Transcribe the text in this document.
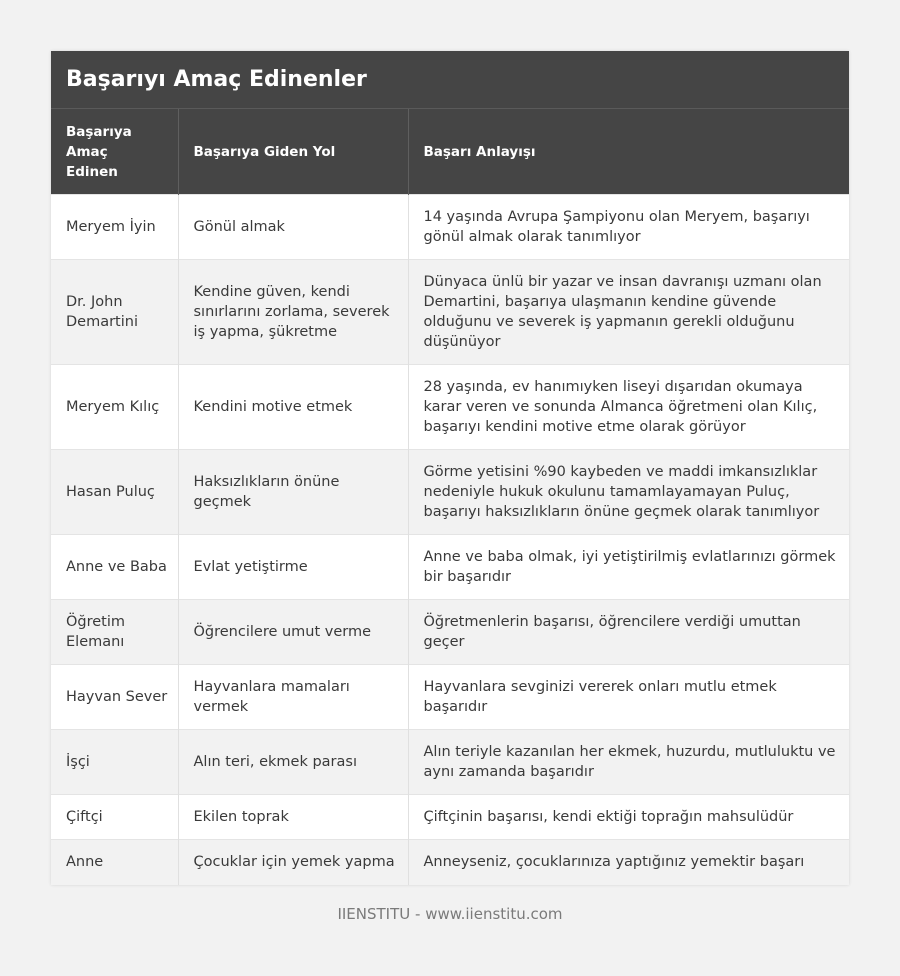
Başarıyı Amaç Edinenler
Başarıya Amaç Edinen	Başarıya Giden Yol	Başarı Anlayışı
Meryem İyin	Gönül almak	14 yaşında Avrupa Şampiyonu olan Meryem, başarıyı gönül almak olarak tanımlıyor
Dr. John Demartini	Kendine güven, kendi sınırlarını zorlama, severek iş yapma, şükretme	Dünyaca ünlü bir yazar ve insan davranışı uzmanı olan Demartini, başarıya ulaşmanın kendine güvende olduğunu ve severek iş yapmanın gerekli olduğunu düşünüyor
Meryem Kılıç	Kendini motive etmek	28 yaşında, ev hanımıyken liseyi dışarıdan okumaya karar veren ve sonunda Almanca öğretmeni olan Kılıç, başarıyı kendini motive etme olarak görüyor
Hasan Puluç	Haksızlıkların önüne geçmek	Görme yetisini %90 kaybeden ve maddi imkansızlıklar nedeniyle hukuk okulunu tamamlayamayan Puluç, başarıyı haksızlıkların önüne geçmek olarak tanımlıyor
Anne ve Baba	Evlat yetiştirme	Anne ve baba olmak, iyi yetiştirilmiş evlatlarınızı görmek bir başarıdır
Öğretim Elemanı	Öğrencilere umut verme	Öğretmenlerin başarısı, öğrencilere verdiği umuttan geçer
Hayvan Sever	Hayvanlara mamaları vermek	Hayvanlara sevginizi vererek onları mutlu etmek başarıdır
İşçi	Alın teri, ekmek parası	Alın teriyle kazanılan her ekmek, huzurdu, mutluluktu ve aynı zamanda başarıdır
Çiftçi	Ekilen toprak	Çiftçinin başarısı, kendi ektiği toprağın mahsulüdür
Anne	Çocuklar için yemek yapma	Anneyseniz, çocuklarınıza yaptığınız yemektir başarı
IIENSTITU - www.iienstitu.com
